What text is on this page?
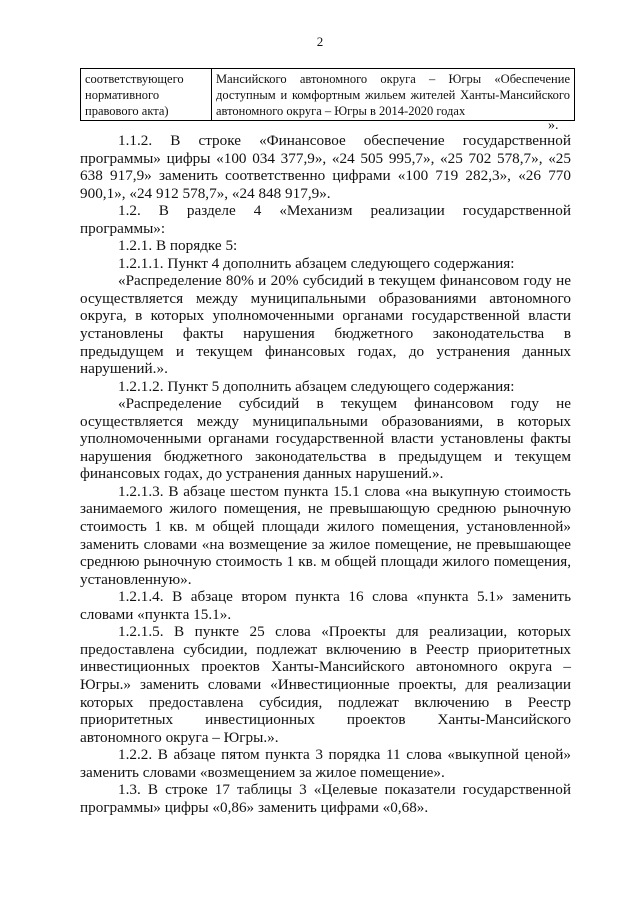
2
соответствующего нормативного правового акта)	Мансийского автономного округа – Югры «Обеспечение доступным и комфортным жильем жителей Ханты-Мансийского автономного округа – Югры в 2014-2020 годах
».

1.1.2. В строке «Финансовое обеспечение государственной программы» цифры «100 034 377,9», «24 505 995,7», «25 702 578,7», «25 638 917,9» заменить соответственно цифрами «100 719 282,3», «26 770 900,1», «24 912 578,7», «24 848 917,9».

1.2. В разделе 4 «Механизм реализации государственной программы»:

1.2.1. В порядке 5:

1.2.1.1. Пункт 4 дополнить абзацем следующего содержания:

«Распределение 80% и 20% субсидий в текущем финансовом году не осуществляется между муниципальными образованиями автономного округа, в которых уполномоченными органами государственной власти установлены факты нарушения бюджетного законодательства в предыдущем и текущем финансовых годах, до устранения данных нарушений.».

1.2.1.2. Пункт 5 дополнить абзацем следующего содержания:

«Распределение субсидий в текущем финансовом году не осуществляется между муниципальными образованиями, в которых уполномоченными органами государственной власти установлены факты нарушения бюджетного законодательства в предыдущем и текущем финансовых годах, до устранения данных нарушений.».

1.2.1.3. В абзаце шестом пункта 15.1 слова «на выкупную стоимость занимаемого жилого помещения, не превышающую среднюю рыночную стоимость 1 кв. м общей площади жилого помещения, установленной» заменить словами «на возмещение за жилое помещение, не превышающее среднюю рыночную стоимость 1 кв. м общей площади жилого помещения, установленную».

1.2.1.4. В абзаце втором пункта 16 слова «пункта 5.1» заменить словами «пункта 15.1».

1.2.1.5. В пункте 25 слова «Проекты для реализации, которых предоставлена субсидии, подлежат включению в Реестр приоритетных инвестиционных проектов Ханты-Мансийского автономного округа – Югры.» заменить словами «Инвестиционные проекты, для реализации которых предоставлена субсидия, подлежат включению в Реестр приоритетных инвестиционных проектов Ханты-Мансийского автономного округа – Югры.».

1.2.2. В абзаце пятом пункта 3 порядка 11 слова «выкупной ценой» заменить словами «возмещением за жилое помещение».

1.3. В строке 17 таблицы 3 «Целевые показатели государственной программы» цифры «0,86» заменить цифрами «0,68».
